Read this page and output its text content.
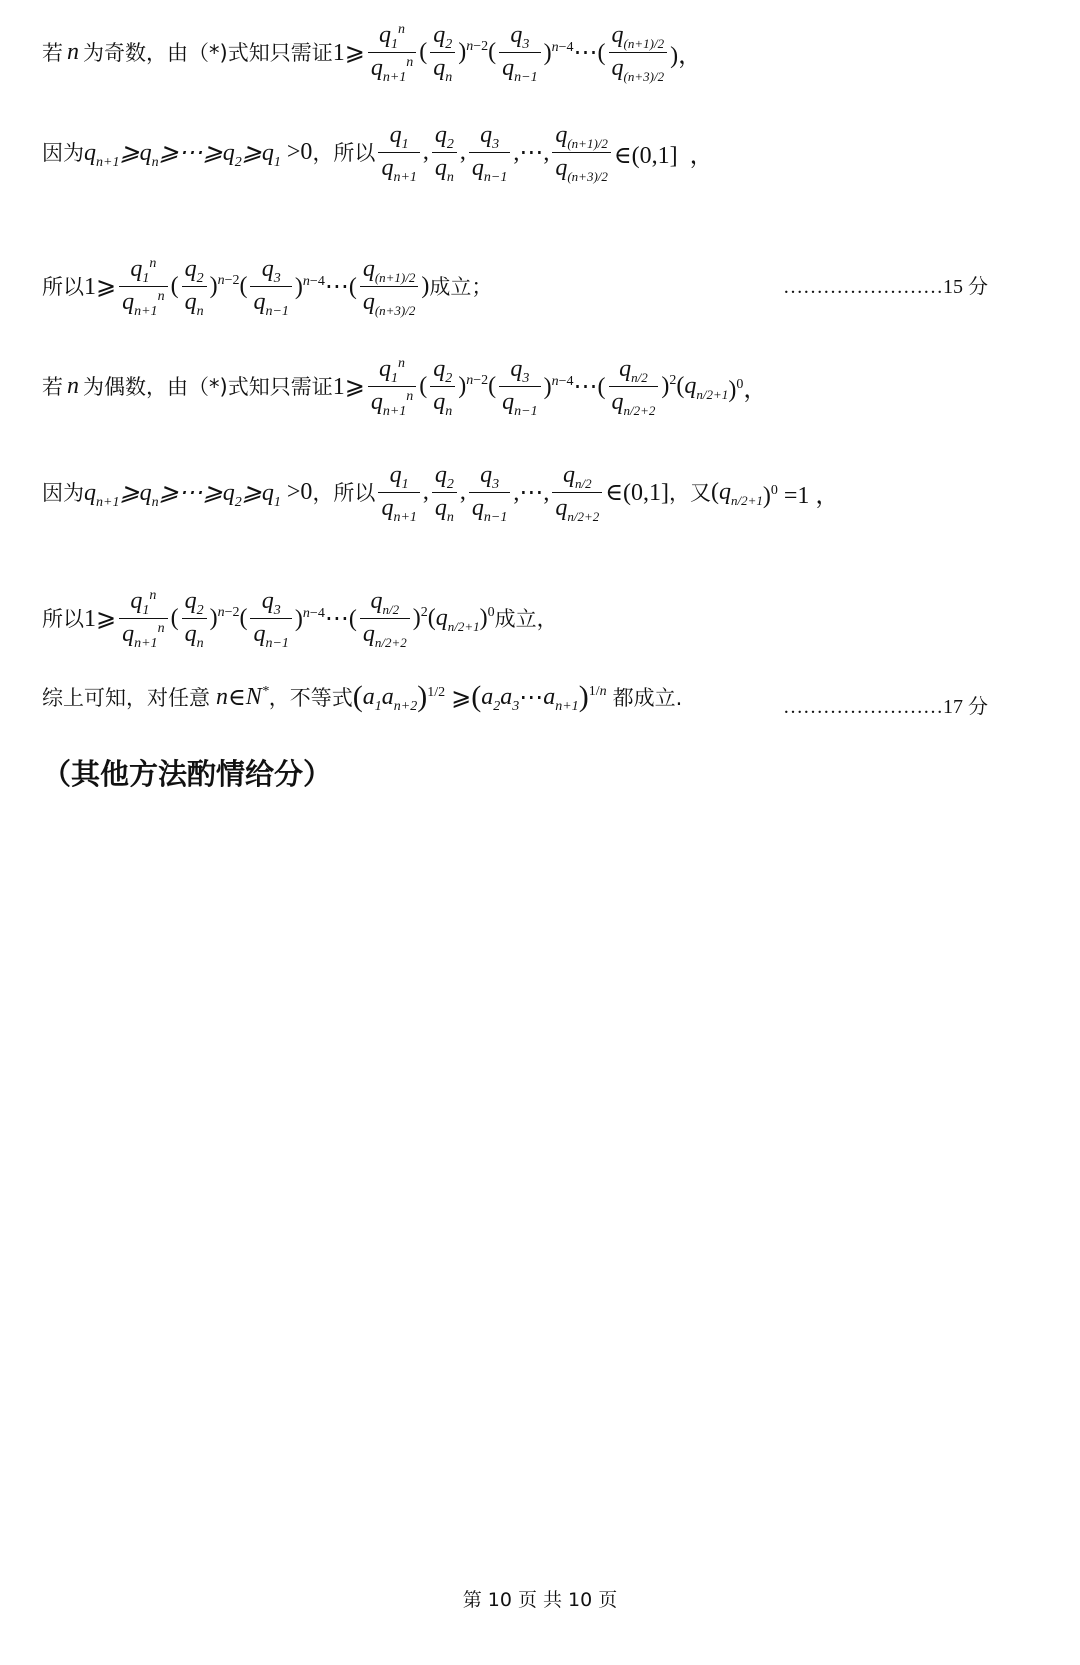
若 n 为奇数，由（*)式知只需证 1⩾ $\frac{q_1^n}{q_{n+1}^n}$ ( $\frac{q_2}{q_n} )^{n-2}$ ( $\frac{q_3}{q_{n-1}}$ )$^{n-4}$⋯( $\frac{q_{(n+1)/2}}{q_{(n+3)/2}}$ )，
因为 $q_{n+1}⩾q_n⩾\cdots⩾q_2⩾q_1 >0$ ，所以 $\frac{q_1}{q_{n+1}}$ , $\frac{q_2}{q_n}$ , $\frac{q_3}{q_{n-1}}$ ,⋯, $\frac{q_{(n+1)/2}}{q_{(n+3)/2}}$ ∈(0,1]  ，
所以 1⩾ $\frac{q_1^n}{q_{n+1}^n}$ ( $\frac{q_2}{q_n} )^{n-2}$ ( $\frac{q_3}{q_{n-1}}$ )$^{n-4}$⋯( $\frac{q_{(n+1)/2}}{q_{(n+3)/2}}$ ) 成立；	……………………15 分
若 n 为偶数，由（*)式知只需证 1⩾ $\frac{q_1^n}{q_{n+1}^n}$ ( $\frac{q_2}{q_n} )^{n-2}$ ( $\frac{q_3}{q_{n-1}}$ )$^{n-4}$⋯( $\frac{q_{n/2}}{q_{n/2+2}} )^2$( $q_{n/2+1}$ )$^0$，
因为 $q_{n+1}⩾q_n⩾\cdots⩾q_2⩾q_1 >0$ ，所以 $\frac{q_1}{q_{n+1}}$ , $\frac{q_2}{q_n}$ , $\frac{q_3}{q_{n-1}}$ ,⋯, $\frac{q_{n/2}}{q_{n/2+2}}$ ∈(0,1] ，又 ( $q_{n/2+1}$ )$^0$ =1 ，
所以 1⩾ $\frac{q_1^n}{q_{n+1}^n}$ ( $\frac{q_2}{q_n} )^{n-2}$ ( $\frac{q_3}{q_{n-1}}$ )$^{n-4}$⋯( $\frac{q_{n/2}}{q_{n/2+2}} )^2$( $q_{n/2+1}$ )$^0$ 成立，
综上可知，对任意 n ∈ N* ，不等式 ( $a_1a_{n+2}$ ) $^{1/2}$ ⩾ ( $a_2a_3$ ⋯ $a_{n+1}$ ) $^{1/n}$ 都成立.	……………………17 分
（其他方法酌情给分）
第 10 页 共 10 页
